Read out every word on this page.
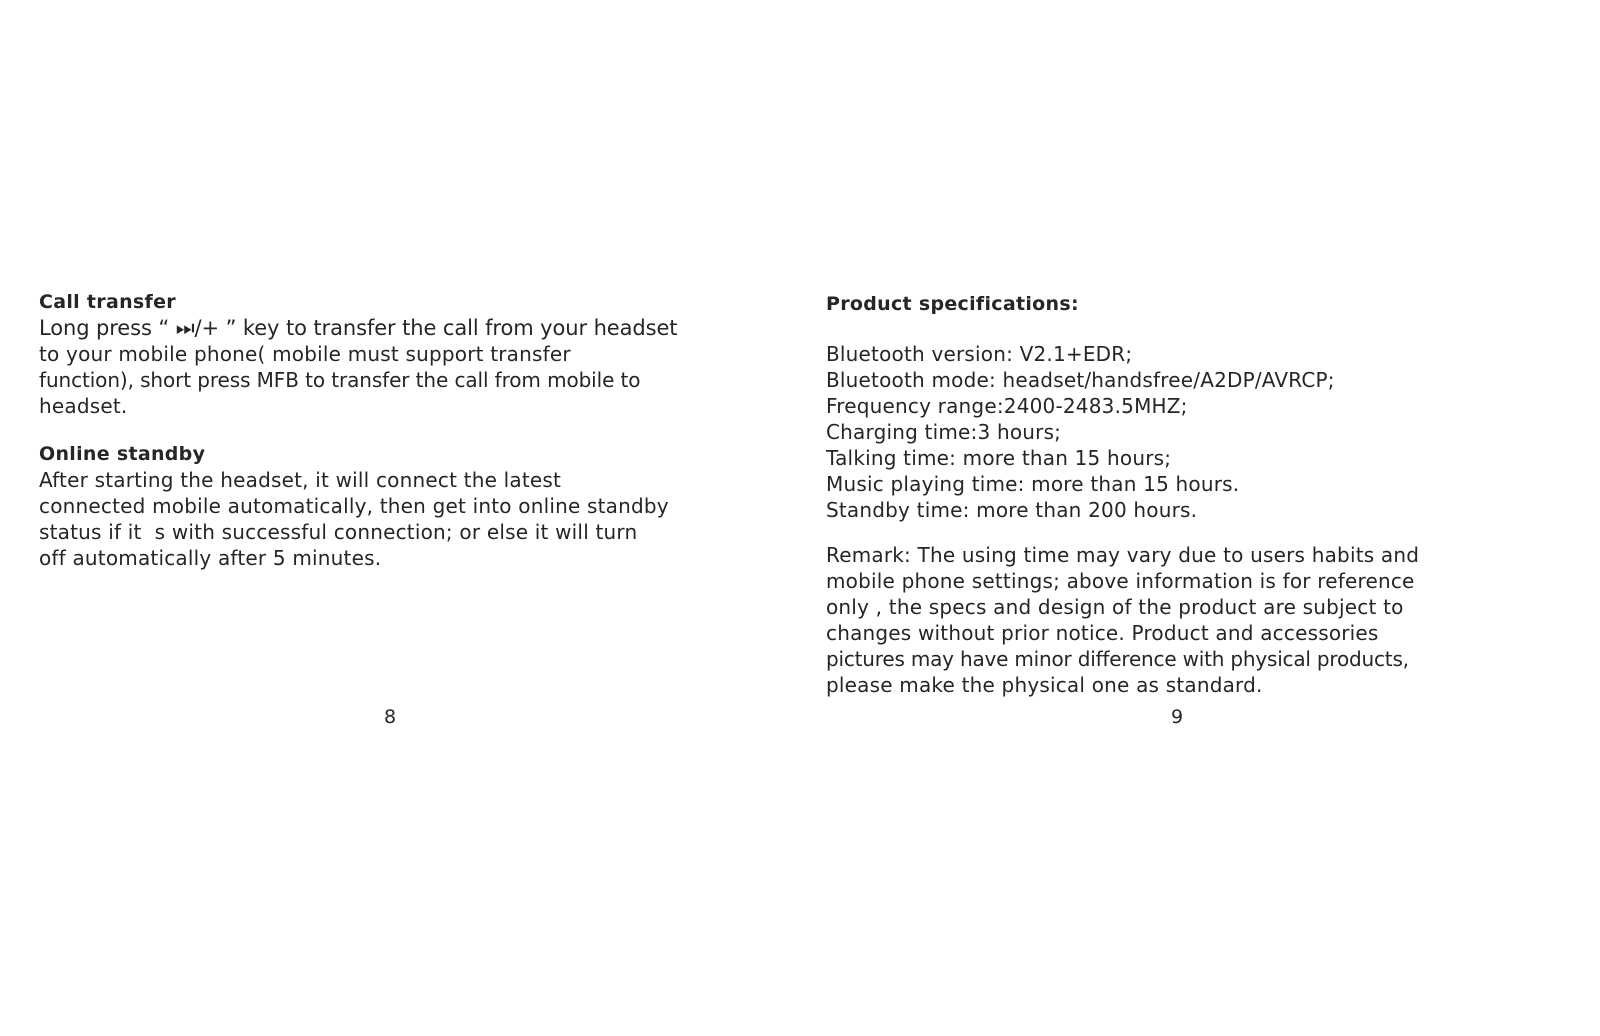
Call transfer
Long press “ ⏭/+ ” key to transfer the call from your headset
to your mobile phone( mobile must support transfer
function), short press MFB to transfer the call from mobile to
headset.
Online standby
After starting the headset, it will connect the latest
connected mobile automatically, then get into online standby
status if it  s with successful connection; or else it will turn
off automatically after 5 minutes.
8
Product specifications:
Bluetooth version: V2.1+EDR;
Bluetooth mode: headset/handsfree/A2DP/AVRCP;
Frequency range:2400-2483.5MHZ;
Charging time:3 hours;
Talking time: more than 15 hours;
Music playing time: more than 15 hours.
Standby time: more than 200 hours.
Remark: The using time may vary due to users habits and
mobile phone settings; above information is for reference
only , the specs and design of the product are subject to
changes without prior notice. Product and accessories
pictures may have minor difference with physical products,
please make the physical one as standard.
9
